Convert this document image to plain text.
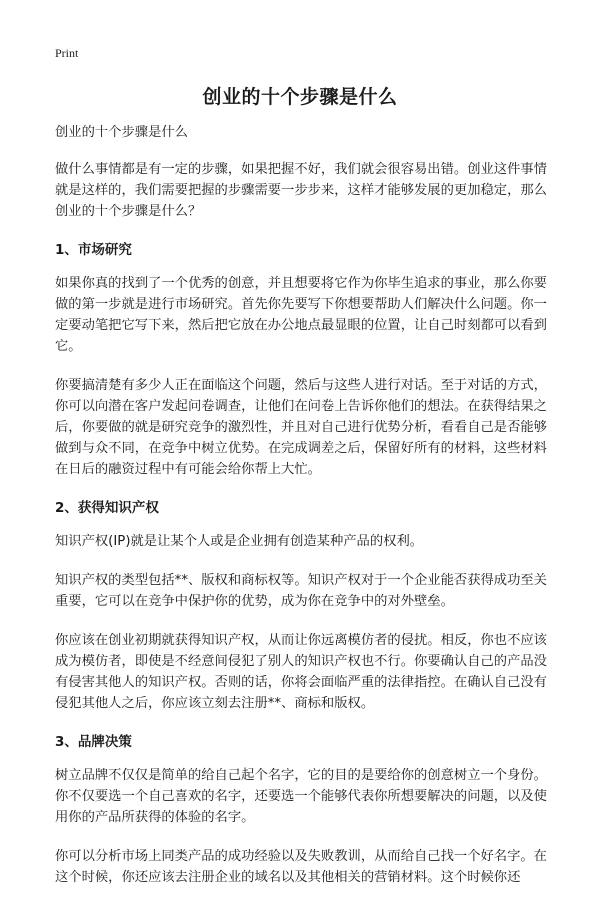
Print
创业的十个步骤是什么

创业的十个步骤是什么

做什么事情都是有一定的步骤，如果把握不好，我们就会很容易出错。创业这件事情就是这样的，我们需要把握的步骤需要一步步来，这样才能够发展的更加稳定，那么创业的十个步骤是什么？

1、市场研究

如果你真的找到了一个优秀的创意，并且想要将它作为你毕生追求的事业，那么你要做的第一步就是进行市场研究。首先你先要写下你想要帮助人们解决什么问题。你一定要动笔把它写下来，然后把它放在办公地点最显眼的位置，让自己时刻都可以看到它。

你要搞清楚有多少人正在面临这个问题，然后与这些人进行对话。至于对话的方式，你可以向潜在客户发起问卷调查，让他们在问卷上告诉你他们的想法。在获得结果之后，你要做的就是研究竞争的激烈性，并且对自己进行优势分析，看看自己是否能够做到与众不同，在竞争中树立优势。在完成调差之后，保留好所有的材料，这些材料在日后的融资过程中有可能会给你帮上大忙。

2、获得知识产权

知识产权(IP)就是让某个人或是企业拥有创造某种产品的权利。

知识产权的类型包括**、版权和商标权等。知识产权对于一个企业能否获得成功至关重要，它可以在竞争中保护你的优势，成为你在竞争中的对外壁垒。

你应该在创业初期就获得知识产权，从而让你远离模仿者的侵扰。相反，你也不应该成为模仿者，即使是不经意间侵犯了别人的知识产权也不行。你要确认自己的产品没有侵害其他人的知识产权。否则的话，你将会面临严重的法律指控。在确认自己没有侵犯其他人之后，你应该立刻去注册**、商标和版权。

3、品牌决策

树立品牌不仅仅是简单的给自己起个名字，它的目的是要给你的创意树立一个身份。你不仅要选一个自己喜欢的名字，还要选一个能够代表你所想要解决的问题，以及使用你的产品所获得的体验的名字。

你可以分析市场上同类产品的成功经验以及失败教训，从而给自己找一个好名字。在这个时候，你还应该去注册企业的域名以及其他相关的营销材料。这个时候你还
